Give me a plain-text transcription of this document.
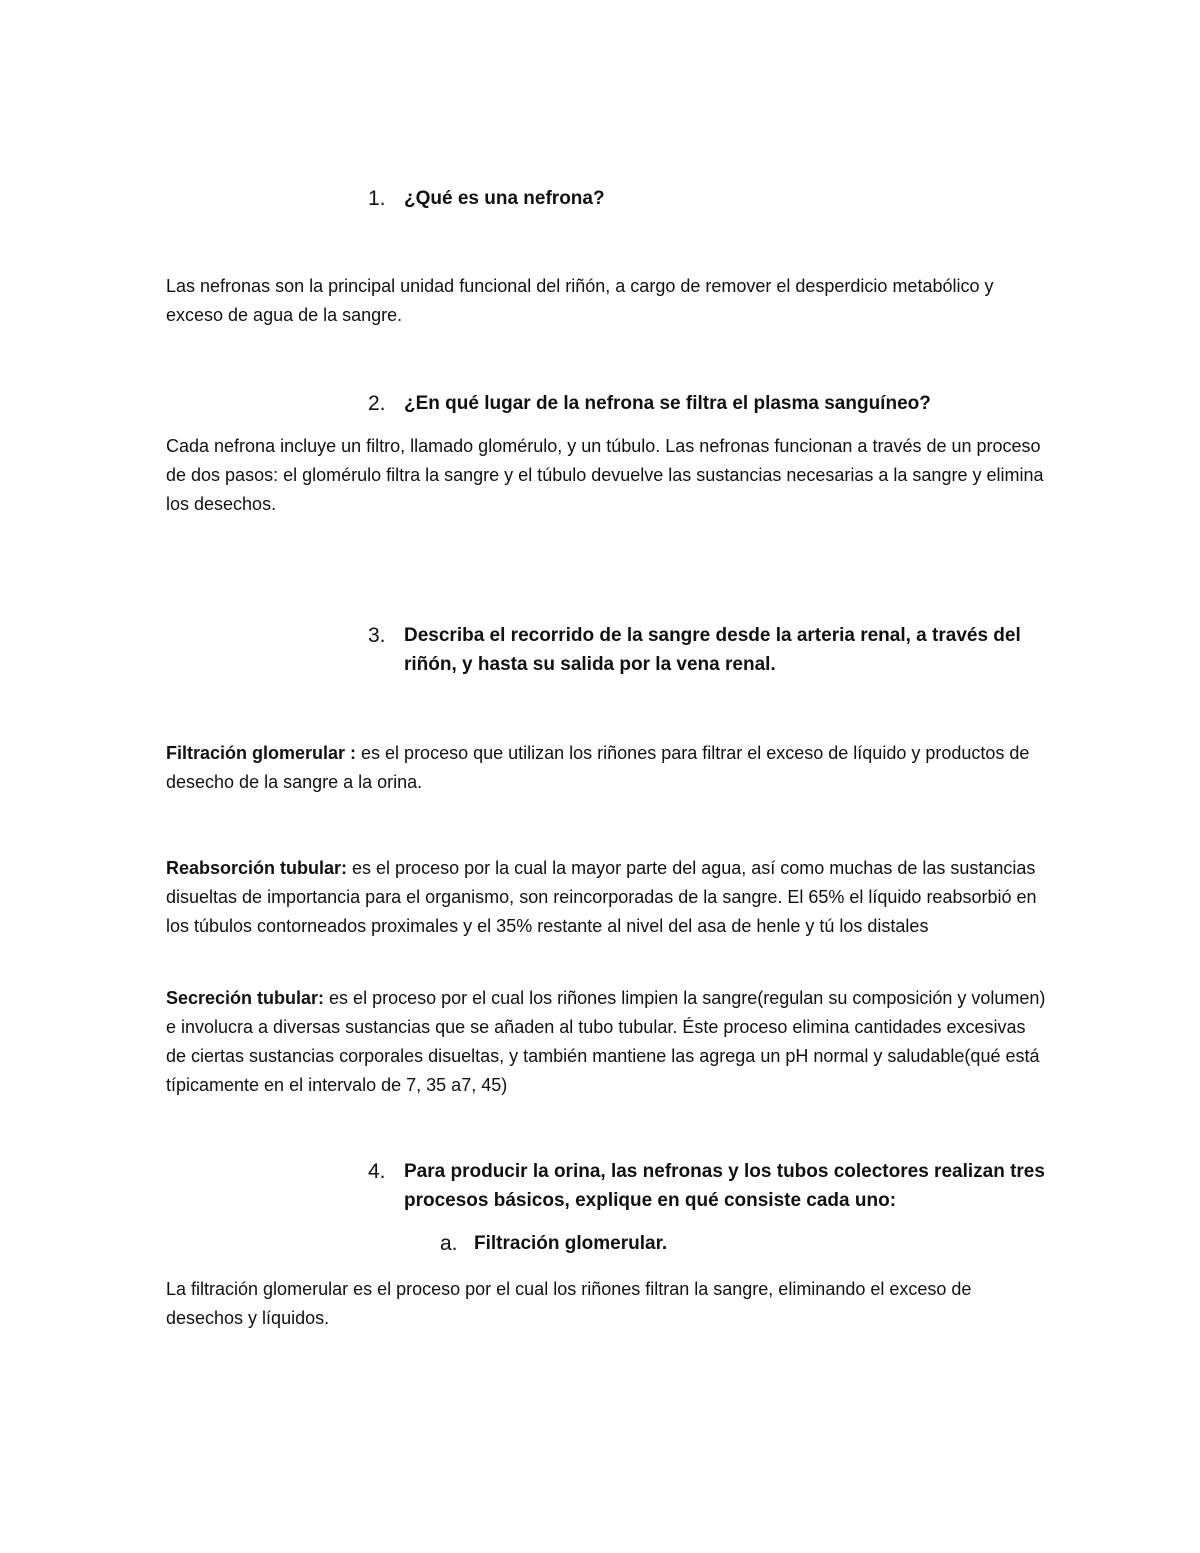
1. ¿Qué es una nefrona?
Las nefronas son la principal unidad funcional del riñón, a cargo de remover el desperdicio metabólico y exceso de agua de la sangre.
2. ¿En qué lugar de la nefrona se filtra el plasma sanguíneo?
Cada nefrona incluye un filtro, llamado glomérulo, y un túbulo. Las nefronas funcionan a través de un proceso de dos pasos: el glomérulo filtra la sangre y el túbulo devuelve las sustancias necesarias a la sangre y elimina los desechos.
3. Describa el recorrido de la sangre desde la arteria renal, a través del riñón, y hasta su salida por la vena renal.
Filtración glomerular : es el proceso que utilizan los riñones para filtrar el exceso de líquido y productos de desecho de la sangre a la orina.
Reabsorción tubular: es el proceso por la cual la mayor parte del agua, así como muchas de las sustancias disueltas de importancia para el organismo, son reincorporadas de la sangre. El 65% el líquido reabsorbió en los túbulos contorneados proximales y el 35% restante al nivel del asa de henle y tú los distales
Secreción tubular: es el proceso por el cual los riñones limpien la sangre(regulan su composición y volumen) e involucra a diversas sustancias que se añaden al tubo tubular. Éste proceso elimina cantidades excesivas de ciertas sustancias corporales disueltas, y también mantiene las agrega un pH normal y saludable(qué está típicamente en el intervalo de 7, 35 a7, 45)
4. Para producir la orina, las nefronas y los tubos colectores realizan tres procesos básicos, explique en qué consiste cada uno:
a. Filtración glomerular.
La filtración glomerular es el proceso por el cual los riñones filtran la sangre, eliminando el exceso de desechos y líquidos.
